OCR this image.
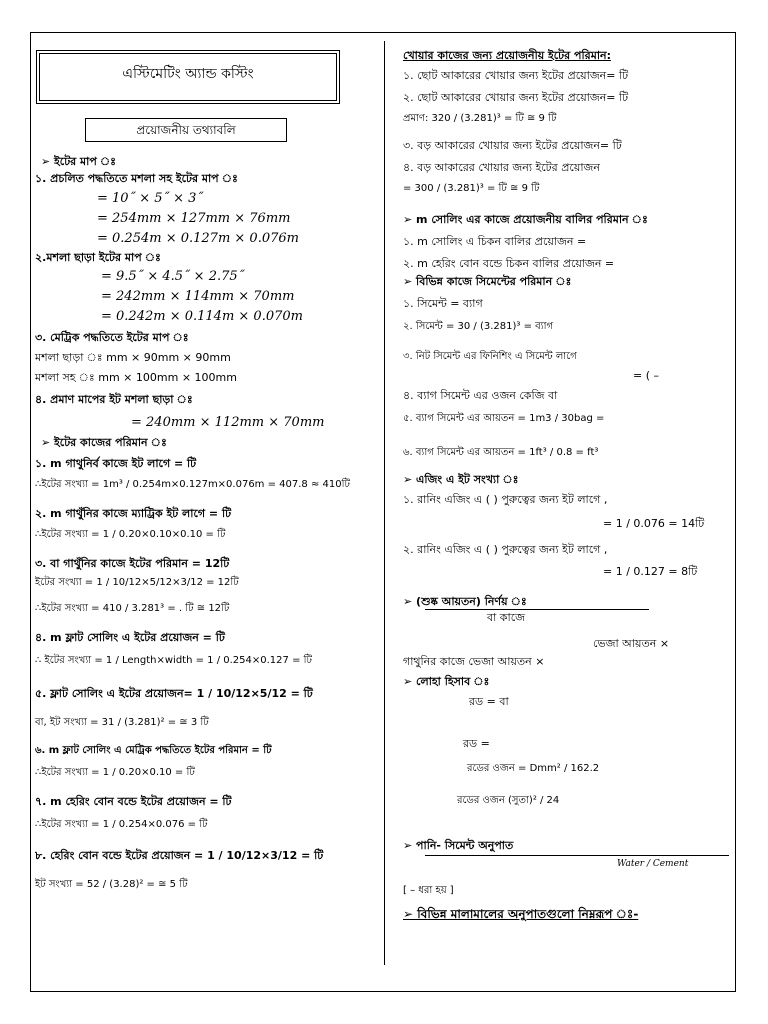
এস্টিমেটিং অ্যান্ড কস্টিং
প্রয়োজনীয় তথ্যাবলি
➢ ইটের মাপ ঃ
১. প্রচলিত পদ্ধতিতে মশলা সহ ইটের মাপ ঃ
= 10˝ × 5˝ × 3˝
= 254mm × 127mm × 76mm
= 0.254m × 0.127m × 0.076m
২.মশলা ছাড়া ইটের মাপ ঃ
= 9.5˝ × 4.5˝ × 2.75˝
= 242mm × 114mm × 70mm
= 0.242m × 0.114m × 0.070m
৩. মেট্রিক পদ্ধতিতে ইটের মাপ ঃ
মশলা ছাড়া ঃ mm × 90mm × 90mm
মশলা সহ ঃ mm × 100mm × 100mm
৪. প্রমাণ মাপের ইট মশলা ছাড়া ঃ
= 240mm × 112mm × 70mm
➢ ইটের কাজের পরিমান ঃ
১. m গাথুনির্ব কাজে ইট লাগে = টি
∴ইটের সংখ্যা = 1m³ / 0.254m×0.127m×0.076m = 407.8 ≈ 410টি
২. m গাথুঁনির কাজে ম্যাট্রিক ইট লাগে = টি
∴ইটের সংখ্যা = 1 / 0.20×0.10×0.10 = টি
৩. বা গাথুঁনির কাজে ইটের পরিমান = 12টি
ইটের সংখ্যা = 1 / 10/12×5/12×3/12 = 12টি
∴ইটের সংখ্যা = 410 / 3.281³ = . টি ≅ 12টি
৪. m ফ্লাট সোলিং এ ইটের প্রয়োজন = টি
∴ ইটের সংখ্যা = 1 / Length×width = 1 / 0.254×0.127 = টি
৫. ফ্লাট সোলিং এ ইটের প্রয়োজন= 1 / 10/12×5/12 = টি
বা, ইট সংখ্যা = 31 / (3.281)² = ≅ 3 টি
৬. m ফ্লাট সোলিং এ মেট্রিক পদ্ধতিতে ইটের পরিমান = টি
∴ইটের সংখ্যা = 1 / 0.20×0.10 = টি
৭. m হেরিং বোন বন্ডে ইটের প্রয়োজন = টি
∴ইটের সংখ্যা = 1 / 0.254×0.076 = টি
৮. হেরিং বোন বন্ডে ইটের প্রয়োজন = 1 / 10/12×3/12 = টি
ইট সংখ্যা = 52 / (3.28)² = ≅ 5 টি
খোয়ার কাজের জন্য প্রয়োজনীয় ইটের পরিমান:
১. ছোট আকারের খোয়ার জন্য ইটের প্রয়োজন= টি
২. ছোট আকারের খোয়ার জন্য ইটের প্রয়োজন= টি
প্রমাণ: 320 / (3.281)³ = টি ≅ 9 টি
৩. বড় আকারের খোয়ার জন্য ইটের প্রয়োজন= টি
৪. বড় আকারের খোয়ার জন্য ইটের প্রয়োজন
= 300 / (3.281)³ = টি ≅ 9 টি
➢ m সোলিং এর কাজে প্রয়োজনীয় বালির পরিমান ঃ
১. m সোলিং এ চিকন বালির প্রয়োজন =
২. m হেরিং বোন বন্ডে চিকন বালির প্রয়োজন =
➢ বিভিন্ন কাজে সিমেন্টের পরিমান ঃ
১. সিমেন্ট = ব্যাগ
২. সিমেন্ট = 30 / (3.281)³ = ব্যাগ
৩. নিট সিমেন্ট এর ফিনিশিং এ সিমেন্ট লাগে
= ( –
৪. ব্যাগ সিমেন্ট এর ওজন কেজি বা
৫. ব্যাগ সিমেন্ট এর আয়তন = 1m3 / 30bag =
৬. ব্যাগ সিমেন্ট এর আয়তন = 1ft³ / 0.8 = ft³
➢ এজিং এ ইট সংখ্যা ঃ
১. রানিং এজিং এ ( ) পুরুত্বের জন্য ইট লাগে ,
= 1 / 0.076 = 14টি
২. রানিং এজিং এ ( ) পুরুত্বের জন্য ইট লাগে ,
= 1 / 0.127 = 8টি
➢ (শুষ্ক আয়তন) নির্ণয় ঃ
বা কাজে
ভেজা আয়তন ×
গাথুনির কাজে ভেজা আয়তন ×
➢ লোহা হিসাব ঃ
রড = বা
রড =
রডের ওজন = Dmm² / 162.2
রডের ওজন (সুতা)² / 24
➢ পানি- সিমেন্ট অনুপাত
Water / Cement
[ – ধরা হয় ]
➢ বিভিন্ন মালামালের অনুপাতগুলো নিম্নরূপ ঃ-
